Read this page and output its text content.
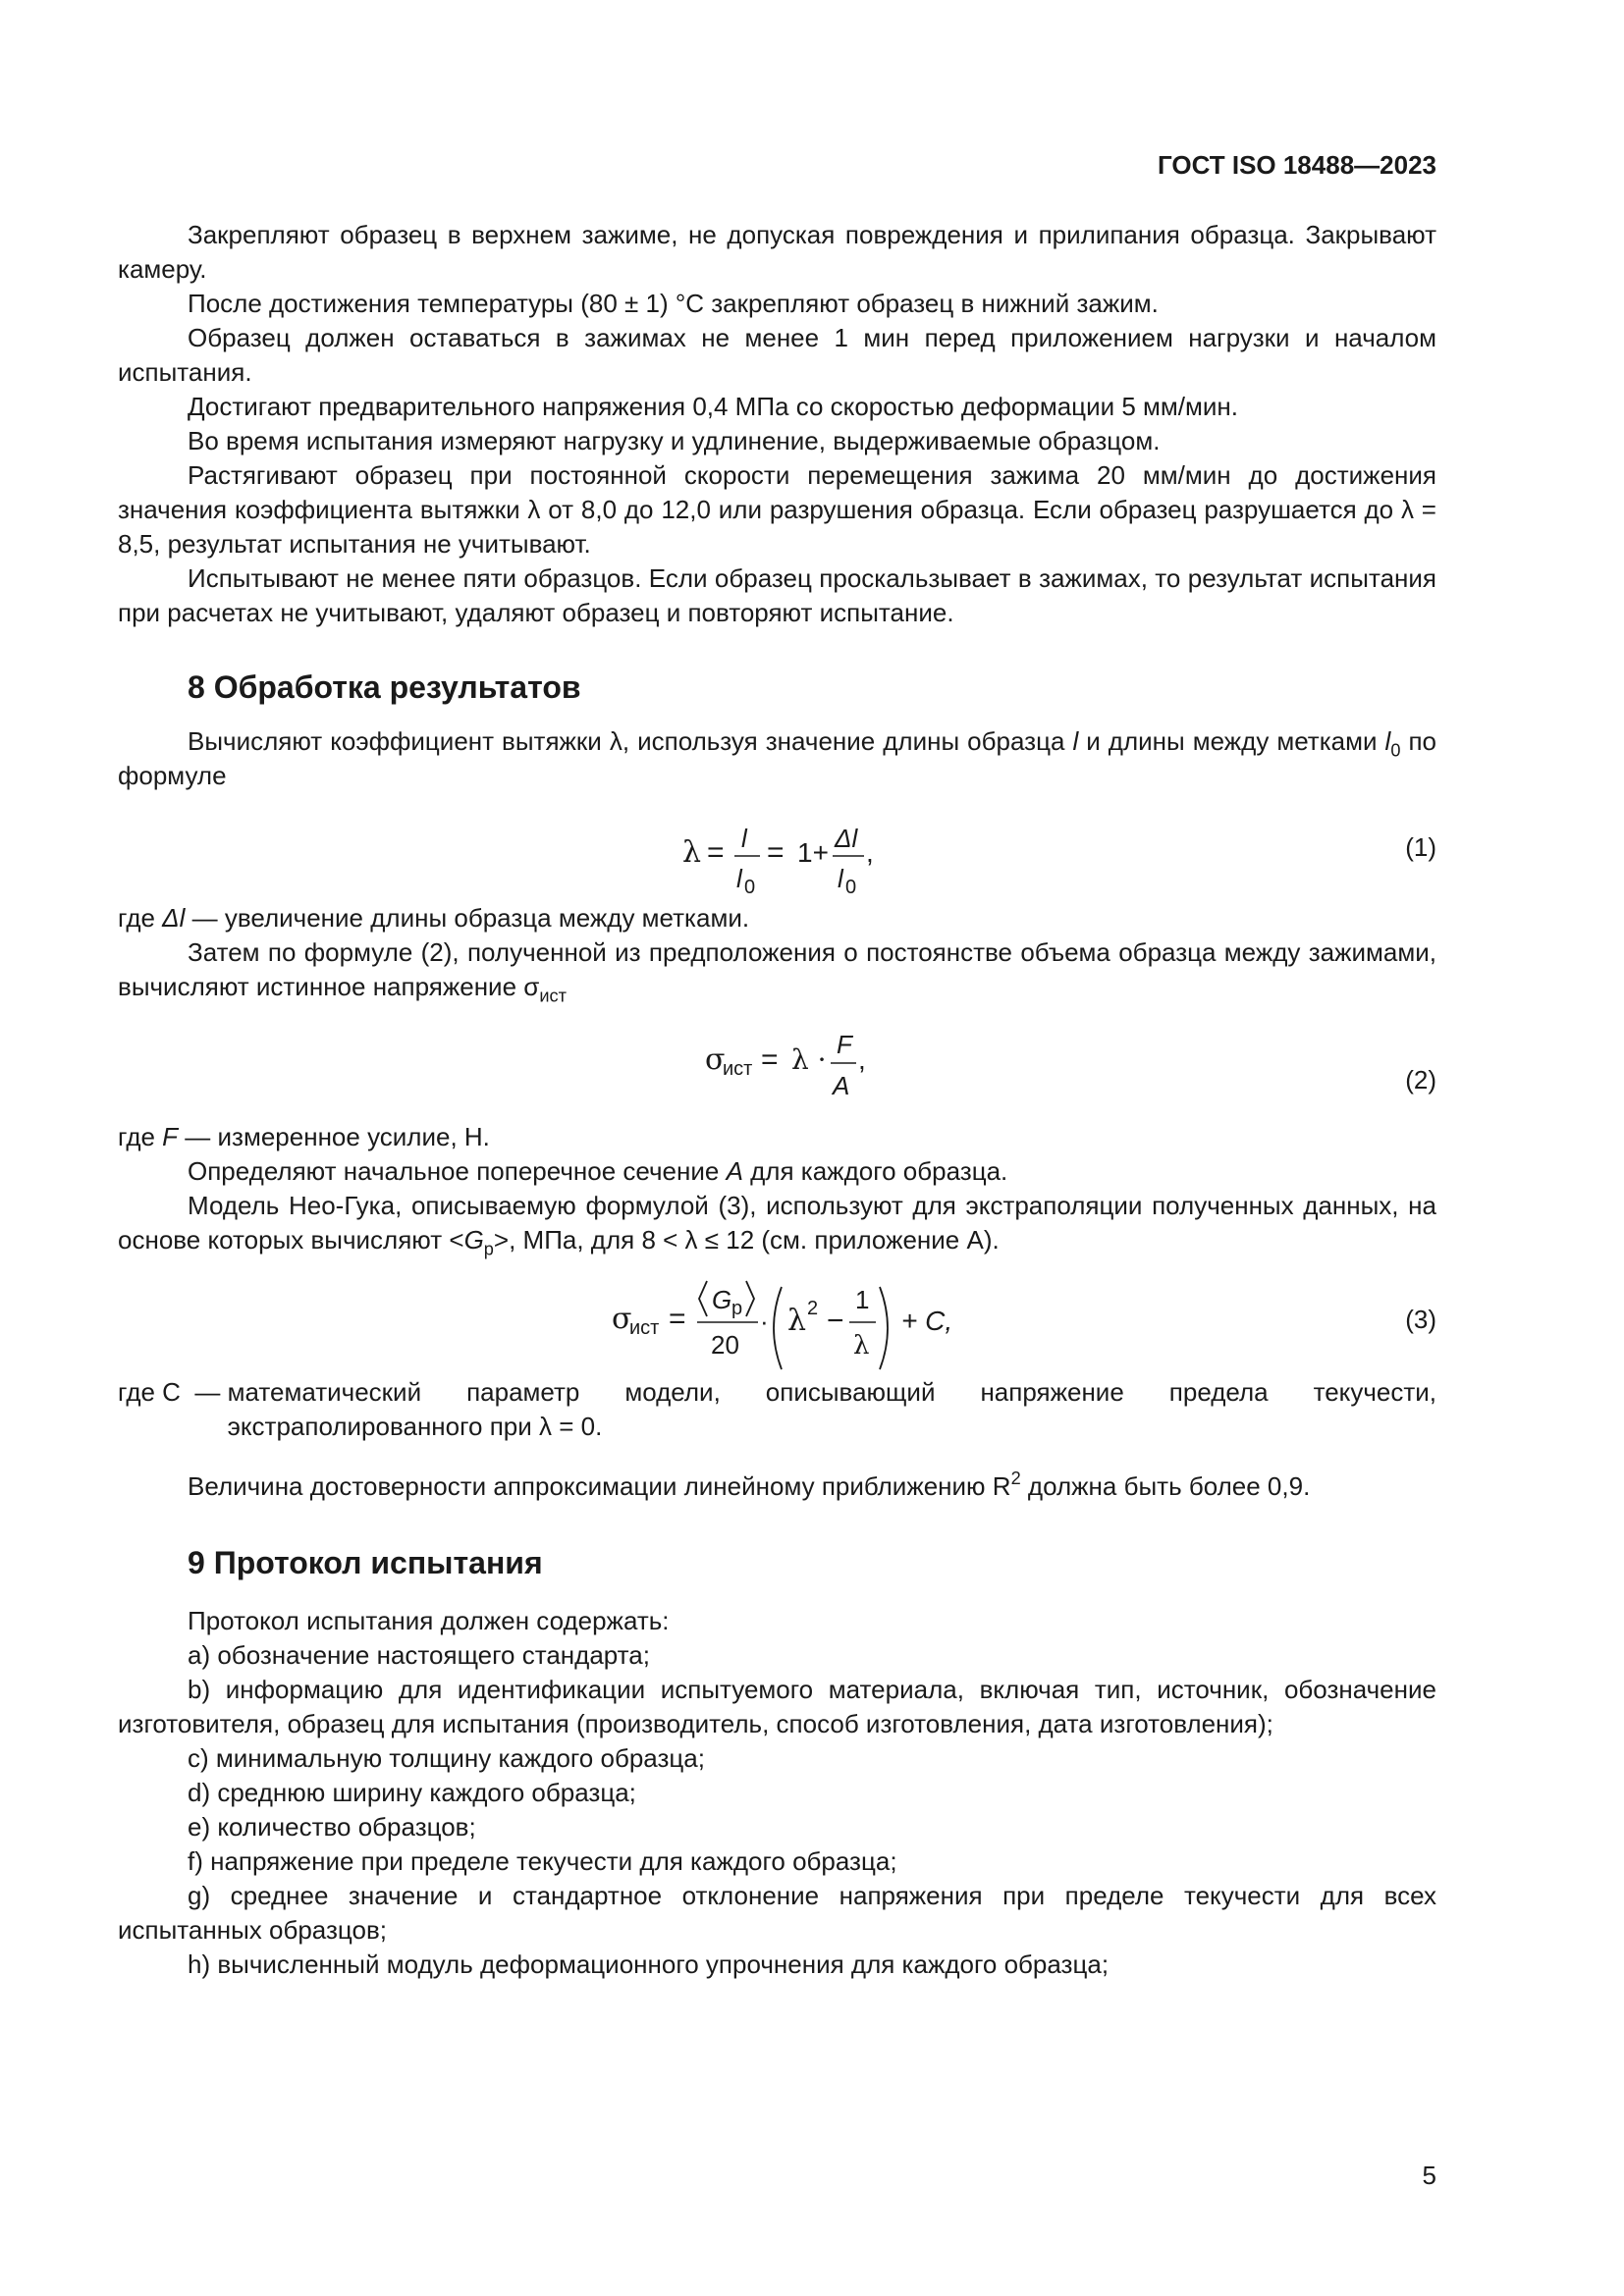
ГОСТ ISO 18488—2023

Закрепляют образец в верхнем зажиме, не допуская повреждения и прилипания образца. Закрывают камеру.

После достижения температуры (80 ± 1) °С закрепляют образец в нижний зажим.

Образец должен оставаться в зажимах не менее 1 мин перед приложением нагрузки и началом испытания.

Достигают предварительного напряжения 0,4 МПа со скоростью деформации 5 мм/мин.

Во время испытания измеряют нагрузку и удлинение, выдерживаемые образцом.

Растягивают образец при постоянной скорости перемещения зажима 20 мм/мин до достижения значения коэффициента вытяжки λ от 8,0 до 12,0 или разрушения образца. Если образец разрушается до λ = 8,5, результат испытания не учитывают.

Испытывают не менее пяти образцов. Если образец проскальзывает в зажимах, то результат испытания при расчетах не учитывают, удаляют образец и повторяют испытание.

8 Обработка результатов

Вычисляют коэффициент вытяжки λ, используя значение длины образца l и длины между метками $l_0$ по формуле

λ = l
l 0
= 1+ Δl
l 0
,	(1)

где Δl — увеличение длины образца между метками.

Затем по формуле (2), полученной из предположения о постоянстве объема образца между зажимами, вычисляют истинное напряжение $\sigma_{ист}$

σ
ист = λ · F
A
,
(2)

где F — измеренное усилие, Н.

Определяют начальное поперечное сечение A для каждого образца.

Модель Нео-Гука, описываемую формулой (3), используют для экстраполяции полученных данных, на основе которых вычисляют $<G_p>$, МПа, для 8 < λ ≤ 12 (см. приложение А).

σ
ист =
G p
20
· λ 2 −
1
λ
+ C,	(3)
где C  — математический параметр модели, описывающий напряжение предела текучести, экстраполированного при λ = 0.

Величина достоверности аппроксимации линейному приближению $R^2$ должна быть более 0,9.

9 Протокол испытания

Протокол испытания должен содержать:

a) обозначение настоящего стандарта;

b) информацию для идентификации испытуемого материала, включая тип, источник, обозначение изготовителя, образец для испытания (производитель, способ изготовления, дата изготовления);

c) минимальную толщину каждого образца;

d) среднюю ширину каждого образца;

e) количество образцов;

f) напряжение при пределе текучести для каждого образца;

g) среднее значение и стандартное отклонение напряжения при пределе текучести для всех испытанных образцов;

h) вычисленный модуль деформационного упрочнения для каждого образца;

5
